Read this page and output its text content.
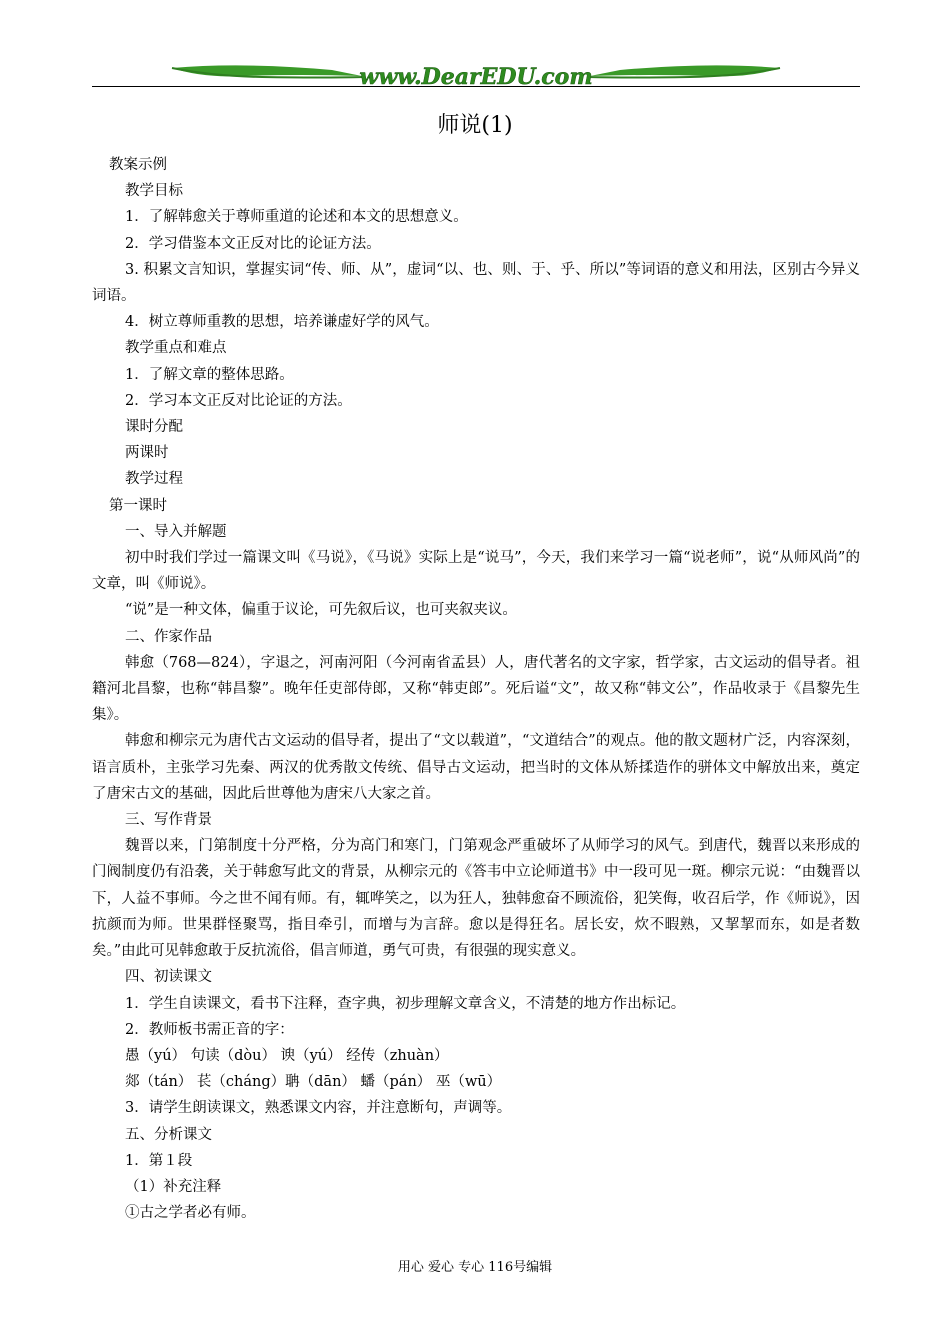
www.DearEDU.com
师说(1)

教案示例

教学目标

1．了解韩愈关于尊师重道的论述和本文的思想意义。

2．学习借鉴本文正反对比的论证方法。

3. 积累文言知识，掌握实词“传、师、从”，虚词“以、也、则、于、乎、所以”等词语的意义和用法，区别古今异义词语。

4．树立尊师重教的思想，培养谦虚好学的风气。

教学重点和难点

1．了解文章的整体思路。

2．学习本文正反对比论证的方法。

课时分配

两课时

教学过程

第一课时

一、导入并解题

初中时我们学过一篇课文叫《马说》，《马说》实际上是“说马”，今天，我们来学习一篇“说老师”，说“从师风尚”的文章，叫《师说》。

“说”是一种文体，偏重于议论，可先叙后议，也可夹叙夹议。

二、作家作品

韩愈（768—824），字退之，河南河阳（今河南省孟县）人，唐代著名的文字家，哲学家，古文运动的倡导者。祖籍河北昌黎，也称“韩昌黎”。晚年任吏部侍郎，又称“韩吏郎”。死后谥“文”，故又称“韩文公”，作品收录于《昌黎先生集》。

韩愈和柳宗元为唐代古文运动的倡导者，提出了“文以载道”，“文道结合”的观点。他的散文题材广泛，内容深刻，语言质朴，主张学习先秦、两汉的优秀散文传统、倡导古文运动，把当时的文体从矫揉造作的骈体文中解放出来，奠定了唐宋古文的基础，因此后世尊他为唐宋八大家之首。

三、写作背景

魏晋以来，门第制度十分严格，分为高门和寒门，门第观念严重破坏了从师学习的风气。到唐代，魏晋以来形成的门阀制度仍有沿袭，关于韩愈写此文的背景，从柳宗元的《答韦中立论师道书》中一段可见一斑。柳宗元说：“由魏晋以下，人益不事师。今之世不闻有师。有，辄哗笑之，以为狂人，独韩愈奋不顾流俗，犯笑侮，收召后学，作《师说》，因抗颜而为师。世果群怪聚骂，指目牵引，而增与为言辞。愈以是得狂名。居长安，炊不暇熟，又挈挈而东，如是者数矣。”由此可见韩愈敢于反抗流俗，倡言师道，勇气可贵，有很强的现实意义。

四、初读课文

1．学生自读课文，看书下注释，查字典，初步理解文章含义，不清楚的地方作出标记。

2．教师板书需正音的字：

愚（yú） 句读（dòu） 谀（yú） 经传（zhuàn）

郯（tán） 苌（cháng）聃（dān） 蟠（pán） 巫（wū）

3．请学生朗读课文，熟悉课文内容，并注意断句，声调等。

五、分析课文

1．第１段

（1）补充注释

①古之学者必有师。

用心 爱心 专心 116号编辑
